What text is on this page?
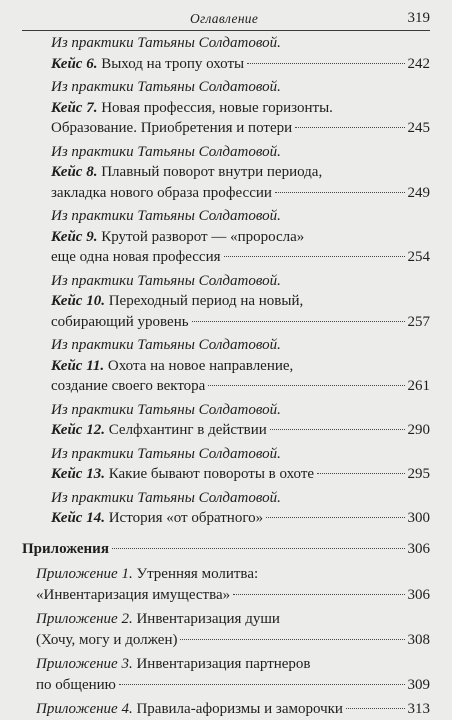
Оглавление	319
Из практики Татьяны Солдатовой.
Кейс 6. Выход на тропу охоты	242
Из практики Татьяны Солдатовой.
Кейс 7. Новая профессия, новые горизонты.
Образование. Приобретения и потери	245
Из практики Татьяны Солдатовой.
Кейс 8. Плавный поворот внутри периода,
закладка нового образа профессии	249
Из практики Татьяны Солдатовой.
Кейс 9. Крутой разворот — «проросла»
еще одна новая профессия	254
Из практики Татьяны Солдатовой.
Кейс 10. Переходный период на новый,
собирающий уровень	257
Из практики Татьяны Солдатовой.
Кейс 11. Охота на новое направление,
создание своего вектора	261
Из практики Татьяны Солдатовой.
Кейс 12. Селфхантинг в действии	290
Из практики Татьяны Солдатовой.
Кейс 13. Какие бывают повороты в охоте	295
Из практики Татьяны Солдатовой.
Кейс 14. История «от обратного»	300
Приложения	306
Приложение 1. Утренняя молитва:
«Инвентаризация имущества»	306
Приложение 2. Инвентаризация души
(Хочу, могу и должен)	308
Приложение 3. Инвентаризация партнеров
по общению	309
Приложение 4. Правила-афоризмы и заморочки	313
